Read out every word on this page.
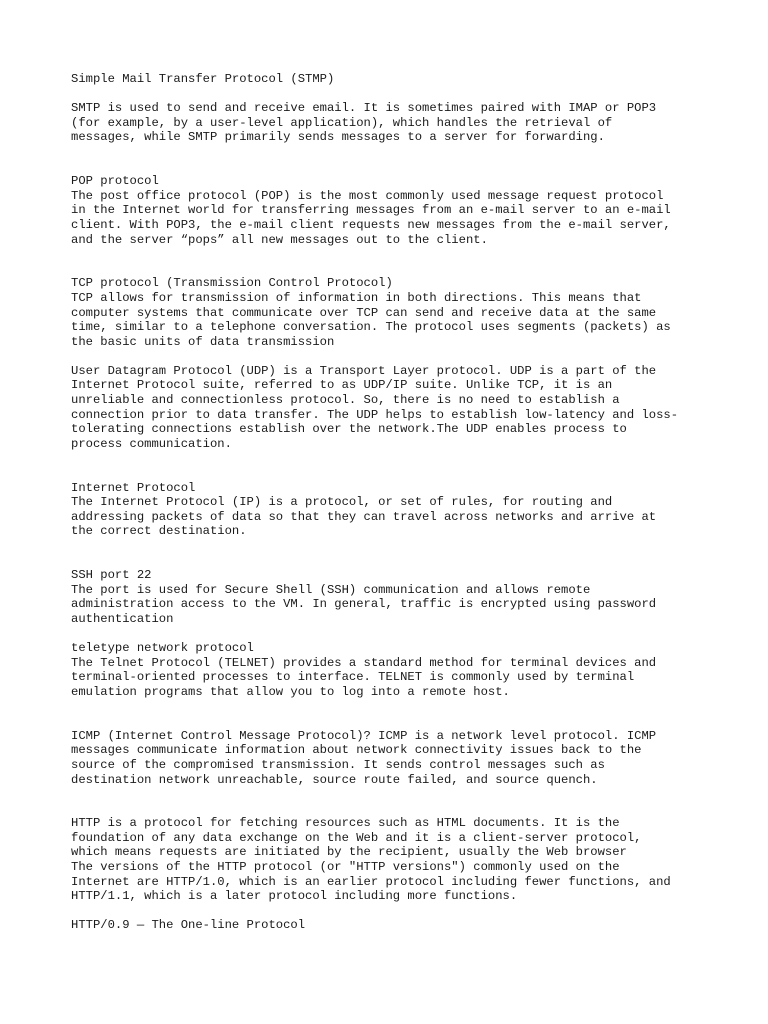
Simple Mail Transfer Protocol (STMP)
SMTP is used to send and receive email. It is sometimes paired with IMAP or POP3
(for example, by a user-level application), which handles the retrieval of
messages, while SMTP primarily sends messages to a server for forwarding.
POP protocol
The post office protocol (POP) is the most commonly used message request protocol
in the Internet world for transferring messages from an e-mail server to an e-mail
client. With POP3, the e-mail client requests new messages from the e-mail server,
and the server “pops” all new messages out to the client.
TCP protocol (Transmission Control Protocol)
TCP allows for transmission of information in both directions. This means that
computer systems that communicate over TCP can send and receive data at the same
time, similar to a telephone conversation. The protocol uses segments (packets) as
the basic units of data transmission
User Datagram Protocol (UDP) is a Transport Layer protocol. UDP is a part of the
Internet Protocol suite, referred to as UDP/IP suite. Unlike TCP, it is an
unreliable and connectionless protocol. So, there is no need to establish a
connection prior to data transfer. The UDP helps to establish low-latency and loss-
tolerating connections establish over the network.The UDP enables process to
process communication.
Internet Protocol
The Internet Protocol (IP) is a protocol, or set of rules, for routing and
addressing packets of data so that they can travel across networks and arrive at
the correct destination.
SSH port 22
The port is used for Secure Shell (SSH) communication and allows remote
administration access to the VM. In general, traffic is encrypted using password
authentication
teletype network protocol
The Telnet Protocol (TELNET) provides a standard method for terminal devices and
terminal-oriented processes to interface. TELNET is commonly used by terminal
emulation programs that allow you to log into a remote host.
ICMP (Internet Control Message Protocol)? ICMP is a network level protocol. ICMP
messages communicate information about network connectivity issues back to the
source of the compromised transmission. It sends control messages such as
destination network unreachable, source route failed, and source quench.
HTTP is a protocol for fetching resources such as HTML documents. It is the
foundation of any data exchange on the Web and it is a client-server protocol,
which means requests are initiated by the recipient, usually the Web browser
The versions of the HTTP protocol (or "HTTP versions") commonly used on the
Internet are HTTP/1.0, which is an earlier protocol including fewer functions, and
HTTP/1.1, which is a later protocol including more functions.
HTTP/0.9 — The One-line Protocol
